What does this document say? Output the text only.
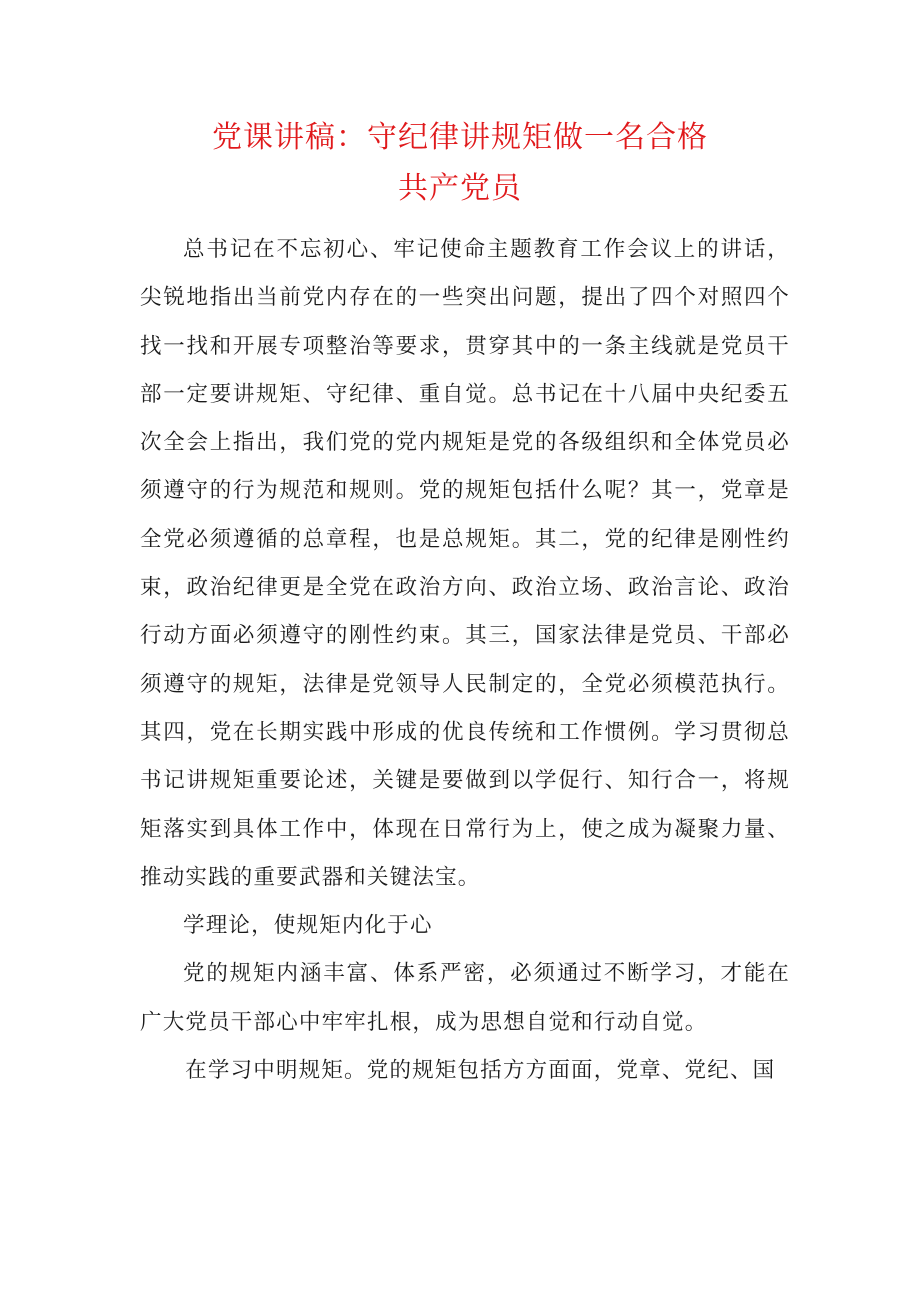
党课讲稿：守纪律讲规矩做一名合格
共产党员

总书记在不忘初心、牢记使命主题教育工作会议上的讲话，尖锐地指出当前党内存在的一些突出问题，提出了四个对照四个找一找和开展专项整治等要求，贯穿其中的一条主线就是党员干部一定要讲规矩、守纪律、重自觉。总书记在十八届中央纪委五次全会上指出，我们党的党内规矩是党的各级组织和全体党员必须遵守的行为规范和规则。党的规矩包括什么呢？其一，党章是全党必须遵循的总章程，也是总规矩。其二，党的纪律是刚性约束，政治纪律更是全党在政治方向、政治立场、政治言论、政治行动方面必须遵守的刚性约束。其三，国家法律是党员、干部必须遵守的规矩，法律是党领导人民制定的，全党必须模范执行。其四，党在长期实践中形成的优良传统和工作惯例。学习贯彻总书记讲规矩重要论述，关键是要做到以学促行、知行合一，将规矩落实到具体工作中，体现在日常行为上，使之成为凝聚力量、推动实践的重要武器和关键法宝。

学理论，使规矩内化于心

党的规矩内涵丰富、体系严密，必须通过不断学习，才能在广大党员干部心中牢牢扎根，成为思想自觉和行动自觉。

在学习中明规矩。党的规矩包括方方面面，党章、党纪、国
